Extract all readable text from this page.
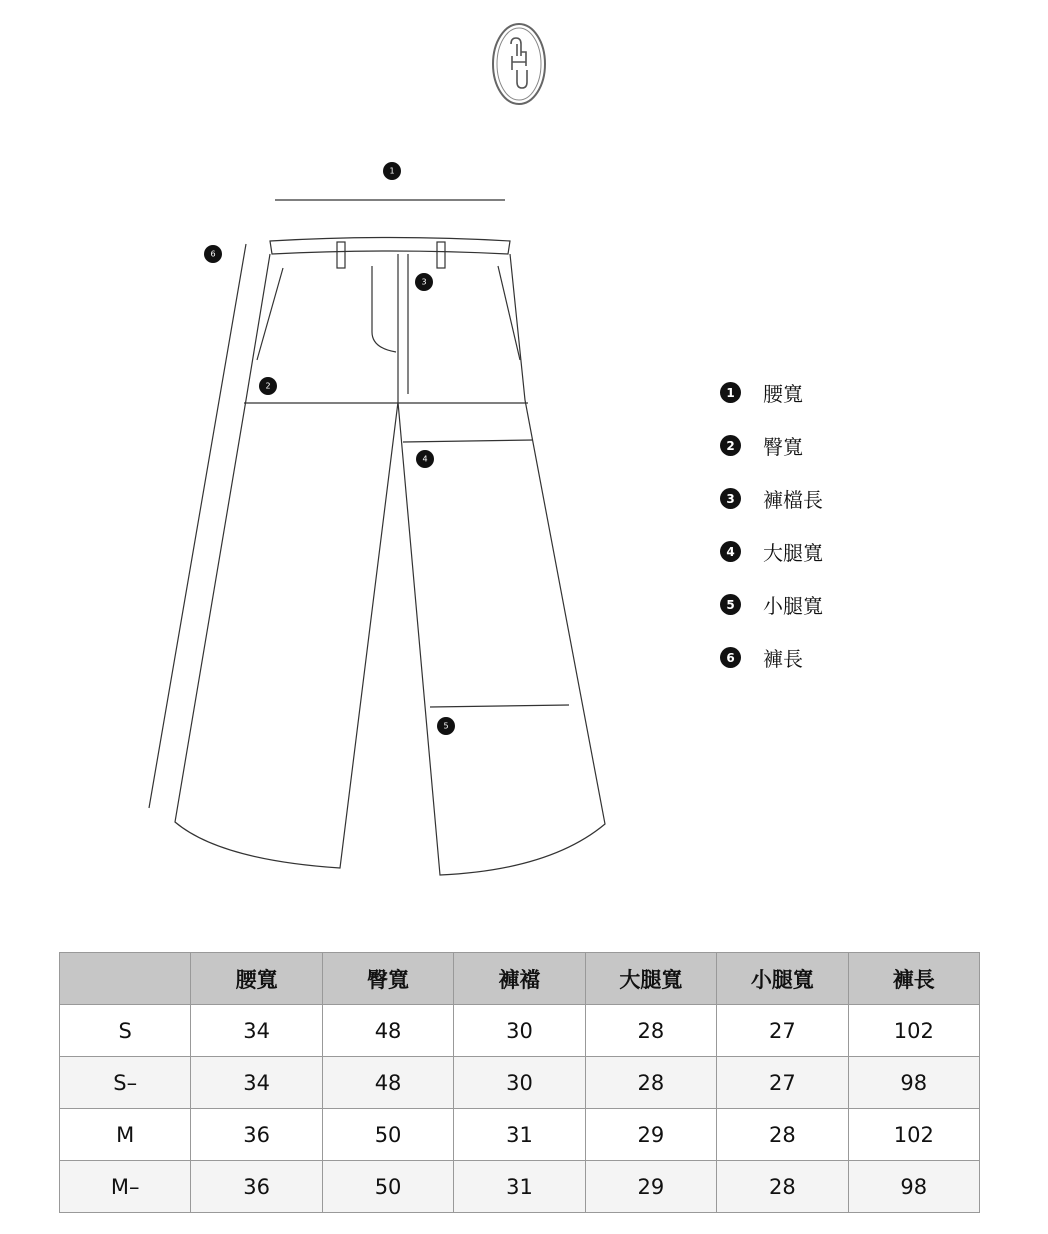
1
2
3
4
5
6
1	腰寬
2	臀寬
3	褲檔長
4	大腿寬
5	小腿寬
6	褲長
	腰寬	臀寬	褲襠	大腿寬	小腿寬	褲長
S	34	48	30	28	27	102
S–	34	48	30	28	27	98
M	36	50	31	29	28	102
M–	36	50	31	29	28	98
